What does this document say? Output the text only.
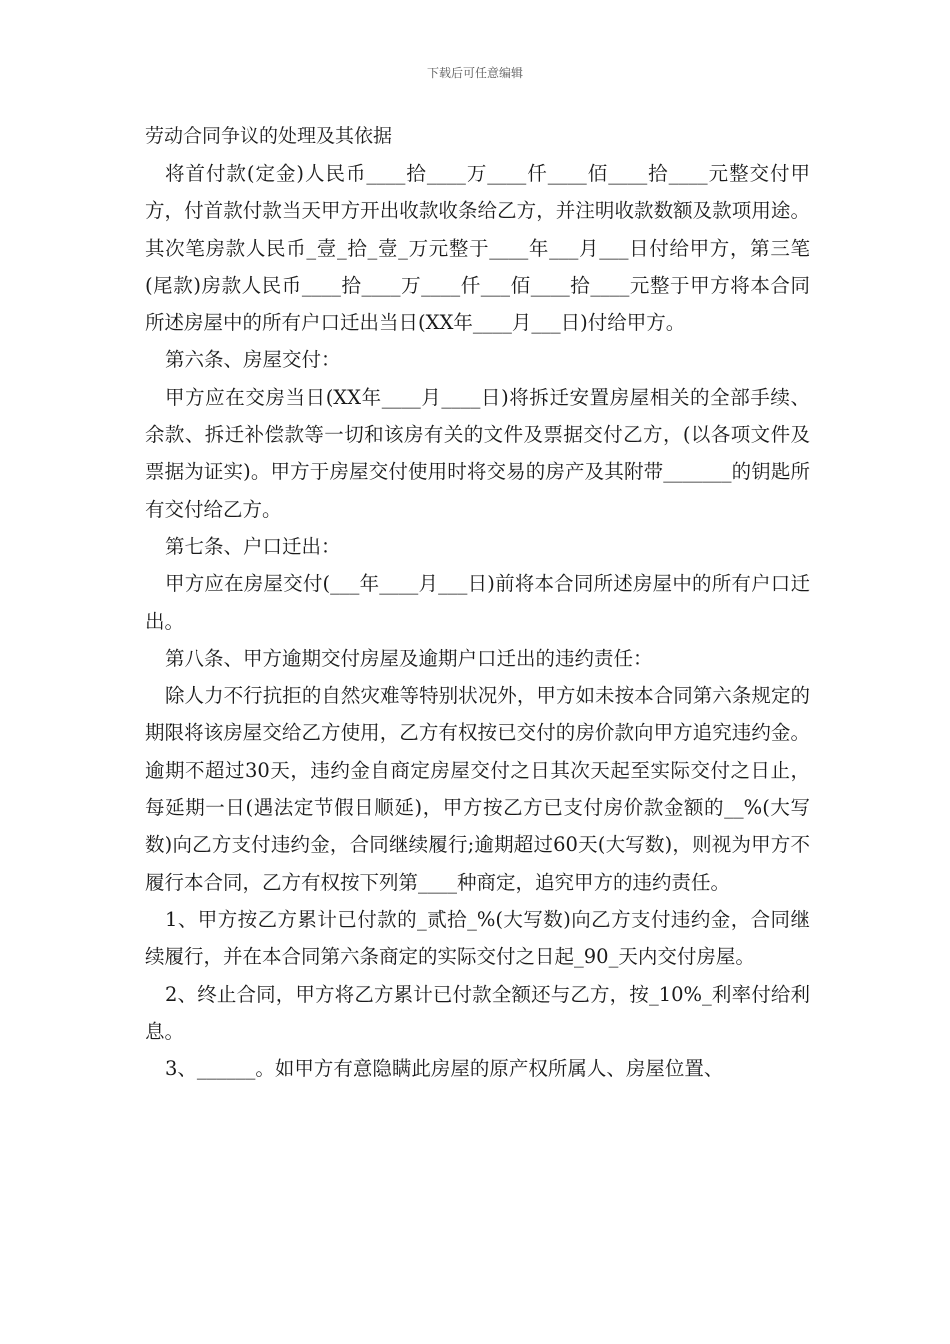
下载后可任意编辑

劳动合同争议的处理及其依据

将首付款(定金)人民币____拾____万____仟____佰____拾____元整交付甲方，付首款付款当天甲方开出收款收条给乙方，并注明收款数额及款项用途。其次笔房款人民币_壹_拾_壹_万元整于____年___月___日付给甲方，第三笔(尾款)房款人民币____拾____万____仟___佰____拾____元整于甲方将本合同所述房屋中的所有户口迁出当日(XX年____月___日)付给甲方。

第六条、房屋交付：

甲方应在交房当日(XX年____月____日)将拆迁安置房屋相关的全部手续、余款、拆迁补偿款等一切和该房有关的文件及票据交付乙方，(以各项文件及票据为证实)。甲方于房屋交付使用时将交易的房产及其附带_______的钥匙所有交付给乙方。

第七条、户口迁出：

甲方应在房屋交付(___年____月___日)前将本合同所述房屋中的所有户口迁出。

第八条、甲方逾期交付房屋及逾期户口迁出的违约责任：

除人力不行抗拒的自然灾难等特别状况外，甲方如未按本合同第六条规定的期限将该房屋交给乙方使用，乙方有权按已交付的房价款向甲方追究违约金。逾期不超过30天，违约金自商定房屋交付之日其次天起至实际交付之日止，每延期一日(遇法定节假日顺延)，甲方按乙方已支付房价款金额的__%(大写数)向乙方支付违约金，合同继续履行;逾期超过60天(大写数)，则视为甲方不履行本合同，乙方有权按下列第____种商定，追究甲方的违约责任。

1、甲方按乙方累计已付款的_贰拾_%(大写数)向乙方支付违约金，合同继续履行，并在本合同第六条商定的实际交付之日起_90_天内交付房屋。

2、终止合同，甲方将乙方累计已付款全额还与乙方，按_10%_利率付给利息。

3、______。如甲方有意隐瞒此房屋的原产权所属人、房屋位置、
